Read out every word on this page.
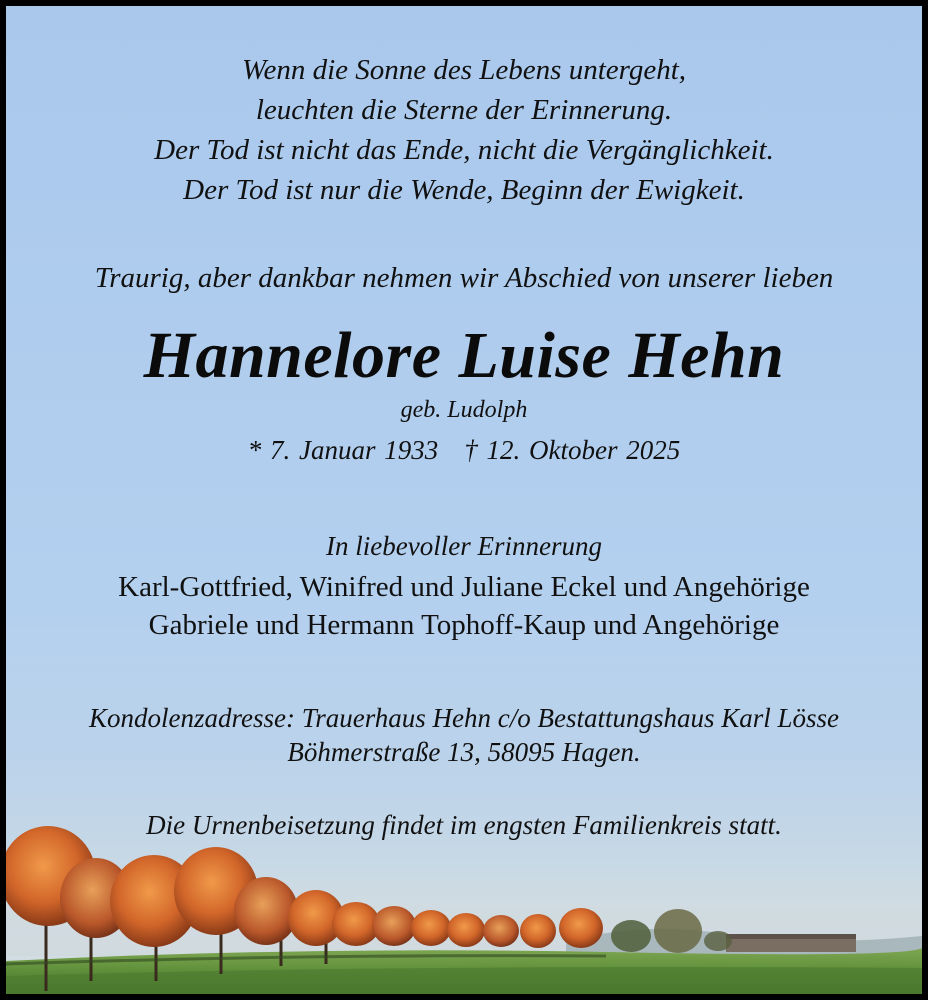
Wenn die Sonne des Lebens untergeht,
leuchten die Sterne der Erinnerung.
Der Tod ist nicht das Ende, nicht die Vergänglichkeit.
Der Tod ist nur die Wende, Beginn der Ewigkeit.
Traurig, aber dankbar nehmen wir Abschied von unserer lieben
Hannelore Luise Hehn
geb. Ludolph
* 7. Januar 1933 † 12. Oktober 2025
In liebevoller Erinnerung
Karl-Gottfried, Winifred und Juliane Eckel und Angehörige
Gabriele und Hermann Tophoff-Kaup und Angehörige
Kondolenzadresse: Trauerhaus Hehn c/o Bestattungshaus Karl Lösse
Böhmerstraße 13, 58095 Hagen.
Die Urnenbeisetzung findet im engsten Familienkreis statt.
